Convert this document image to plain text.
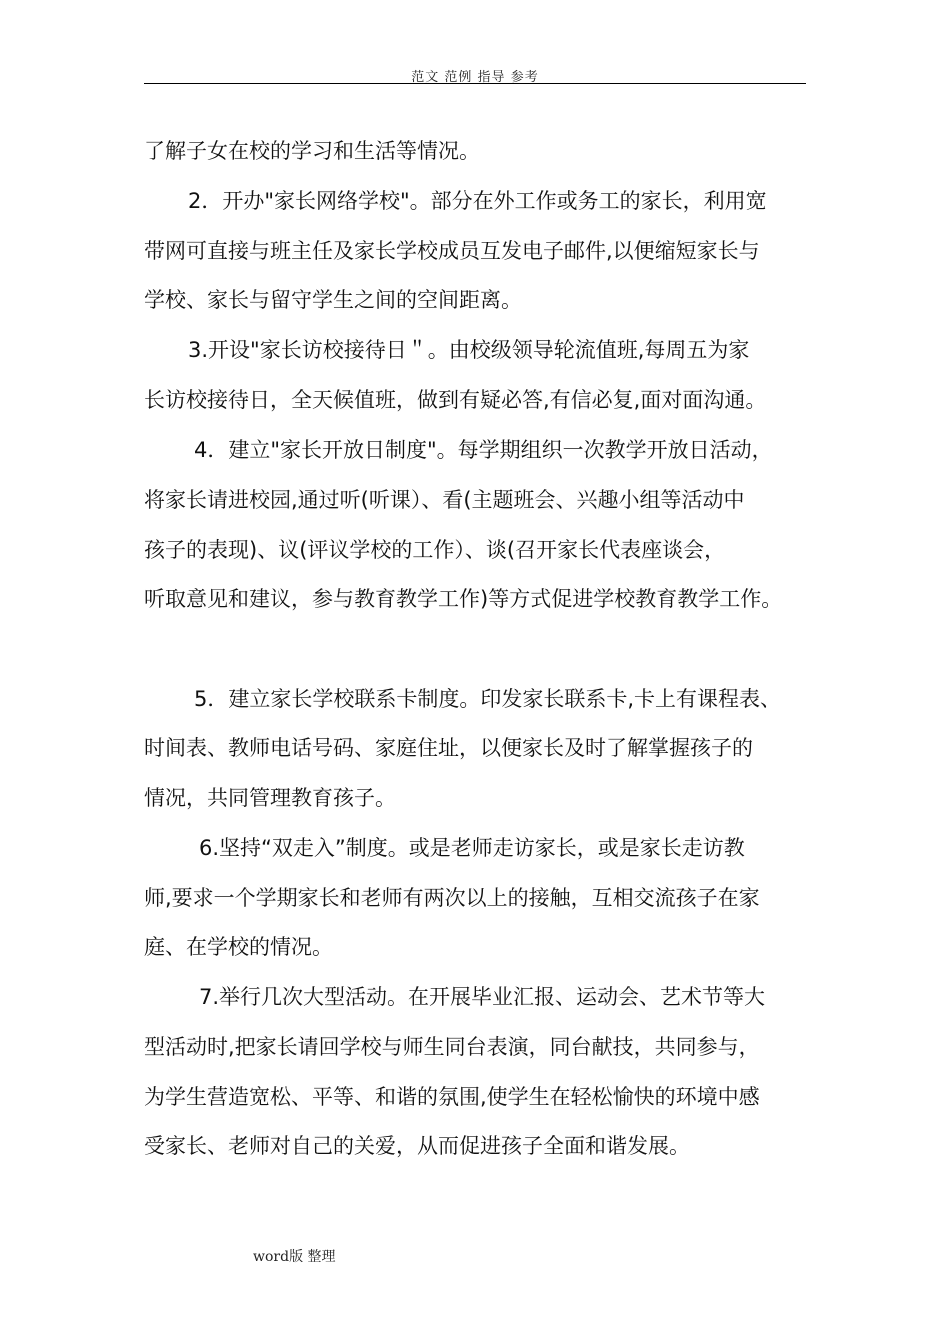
范文 范例 指导 参考
了解子女在校的学习和生活等情况。
2．开办"家长网络学校"。部分在外工作或务工的家长，利用宽
带网可直接与班主任及家长学校成员互发电子邮件,以便缩短家长与
学校、家长与留守学生之间的空间距离。
3.开设"家长访校接待日＂。由校级领导轮流值班,每周五为家
长访校接待日，全天候值班，做到有疑必答,有信必复,面对面沟通。
4．建立"家长开放日制度"。每学期组织一次教学开放日活动，
将家长请进校园,通过听(听课）、看(主题班会、兴趣小组等活动中
孩子的表现)、议(评议学校的工作）、谈(召开家长代表座谈会，
听取意见和建议，参与教育教学工作)等方式促进学校教育教学工作。
5．建立家长学校联系卡制度。印发家长联系卡,卡上有课程表、
时间表、教师电话号码、家庭住址，以便家长及时了解掌握孩子的
情况，共同管理教育孩子。
6.坚持“双走入”制度。或是老师走访家长，或是家长走访教
师,要求一个学期家长和老师有两次以上的接触，互相交流孩子在家
庭、在学校的情况。
7.举行几次大型活动。在开展毕业汇报、运动会、艺术节等大
型活动时,把家长请回学校与师生同台表演，同台献技，共同参与，
为学生营造宽松、平等、和谐的氛围,使学生在轻松愉快的环境中感
受家长、老师对自己的关爱，从而促进孩子全面和谐发展。
word版 整理
